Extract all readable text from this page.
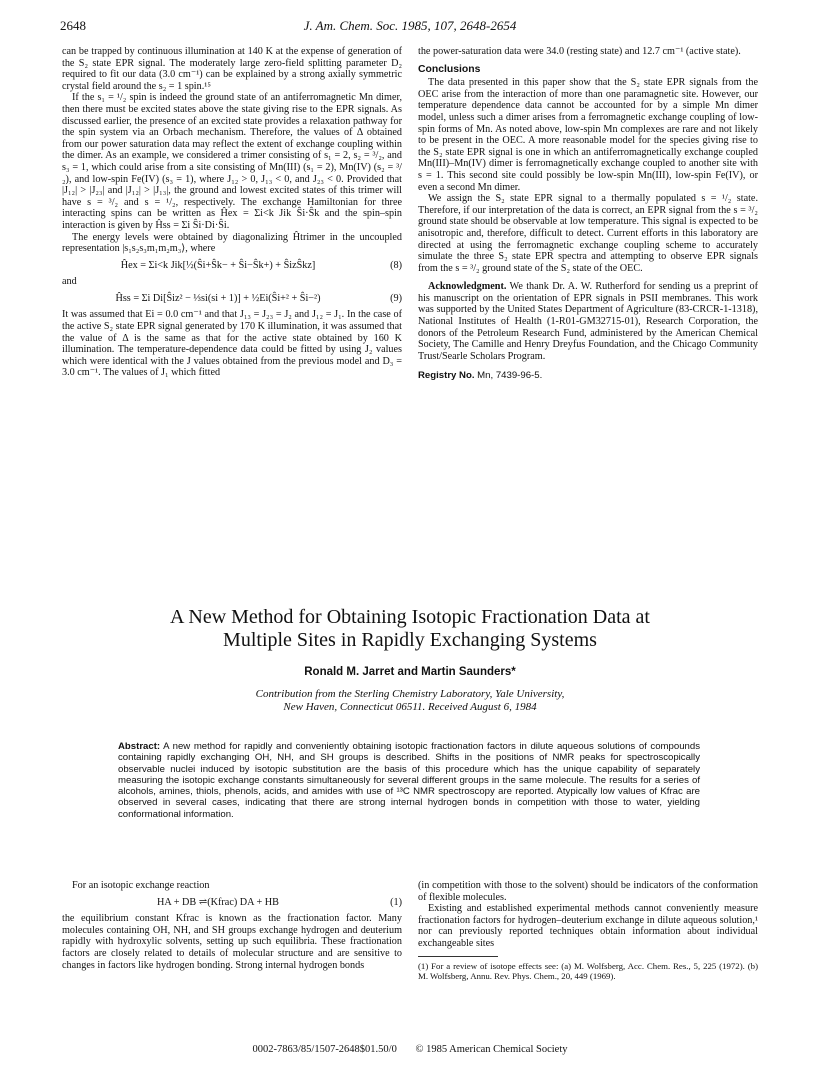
2648	J. Am. Chem. Soc. 1985, 107, 2648-2654

can be trapped by continuous illumination at 140 K at the expense of generation of the S₂ state EPR signal. The moderately large zero-field splitting parameter D₂ required to fit our data (3.0 cm⁻¹) can be explained by a strong axially symmetric crystal field around the s₂ = 1 spin.¹⁵

If the s₁ = ¹/₂ spin is indeed the ground state of an antiferromagnetic Mn dimer, then there must be excited states above the state giving rise to the EPR signals. As discussed earlier, the presence of an excited state provides a relaxation pathway for the spin system via an Orbach mechanism. Therefore, the values of Δ obtained from our power saturation data may reflect the extent of exchange coupling within the dimer. As an example, we considered a trimer consisting of s₁ = 2, s₂ = ³/₂, and s₃ = 1, which could arise from a site consisting of Mn(III) (s₁ = 2), Mn(IV) (s₂ = ³/₂), and low-spin Fe(IV) (s₃ = 1), where J₁₂ > 0, J₁₃ < 0, and J₂₃ < 0. Provided that |J₁₂| > |J₂₃| and |J₁₂| > |J₁₃|, the ground and lowest excited states of this trimer will have s = ³/₂ and s = ¹/₂, respectively. The exchange Hamiltonian for three interacting spins can be written as Ĥex = Σi<k Jik Ŝi·Ŝk and the spin–spin interaction is given by Ĥss = Σi Ŝi·Di·Ŝi.

The energy levels were obtained by diagonalizing Ĥtrimer in the uncoupled representation |s₁s₂s₃m₁m₂m₃⟩, where

Ĥex = Σi<k Jik[½(Ŝi+Ŝk− + Ŝi−Ŝk+) + ŜizŜkz]	(8)

and

Ĥss = Σi Di[Ŝiz² − ⅓si(si + 1)] + ½Ei(Ŝi+² + Ŝi−²)	(9)

It was assumed that Ei = 0.0 cm⁻¹ and that J₁₃ = J₂₃ = J₂ and J₁₂ = J₁. In the case of the active S₂ state EPR signal generated by 170 K illumination, it was assumed that the value of Δ is the same as that for the active state obtained by 160 K illumination. The temperature-dependence data could be fitted by using J₂ values which were identical with the J values obtained from the previous model and D₃ = 3.0 cm⁻¹. The values of J₁ which fitted

the power-saturation data were 34.0 (resting state) and 12.7 cm⁻¹ (active state).

Conclusions

The data presented in this paper show that the S₂ state EPR signals from the OEC arise from the interaction of more than one paramagnetic site. However, our temperature dependence data cannot be accounted for by a simple Mn dimer model, unless such a dimer arises from a ferromagnetic exchange coupling of low-spin forms of Mn. As noted above, low-spin Mn complexes are rare and not likely to be present in the OEC. A more reasonable model for the species giving rise to the S₂ state EPR signal is one in which an antiferromagnetically exchange coupled Mn(III)–Mn(IV) dimer is ferromagnetically exchange coupled to another site with s = 1. This second site could possibly be low-spin Mn(III), low-spin Fe(IV), or even a second Mn dimer.

We assign the S₂ state EPR signal to a thermally populated s = ¹/₂ state. Therefore, if our interpretation of the data is correct, an EPR signal from the s = ³/₂ ground state should be observable at low temperature. This signal is expected to be anisotropic and, therefore, difficult to detect. Current efforts in this laboratory are directed at using the ferromagnetic exchange coupling scheme to accurately simulate the three S₂ state EPR spectra and attempting to observe EPR signals from the s = ³/₂ ground state of the S₂ state of the OEC.

Acknowledgment. We thank Dr. A. W. Rutherford for sending us a preprint of his manuscript on the orientation of EPR signals in PSII membranes. This work was supported by the United States Department of Agriculture (83-CRCR-1-1318), National Institutes of Health (1-R01-GM32715-01), Research Corporation, the donors of the Petroleum Research Fund, administered by the American Chemical Society, The Camille and Henry Dreyfus Foundation, and the Chicago Community Trust/Searle Scholars Program.

Registry No. Mn, 7439-96-5.
A New Method for Obtaining Isotopic Fractionation Data at
Multiple Sites in Rapidly Exchanging Systems
Ronald M. Jarret and Martin Saunders*
Contribution from the Sterling Chemistry Laboratory, Yale University,
New Haven, Connecticut 06511. Received August 6, 1984
Abstract: A new method for rapidly and conveniently obtaining isotopic fractionation factors in dilute aqueous solutions of compounds containing rapidly exchanging OH, NH, and SH groups is described. Shifts in the positions of NMR peaks for spectroscopically observable nuclei induced by isotopic substitution are the basis of this procedure which has the unique capability of separately measuring the isotopic exchange constants simultaneously for several different groups in the same molecule. The results for a series of alcohols, amines, thiols, phenols, acids, and amides with use of ¹³C NMR spectroscopy are reported. Atypically low values of Kfrac are observed in several cases, indicating that there are strong internal hydrogen bonds in competition with those to water, yielding conformational information.

For an isotopic exchange reaction

HA + DB ⇌(Kfrac) DA + HB	(1)

the equilibrium constant Kfrac is known as the fractionation factor. Many molecules containing OH, NH, and SH groups exchange hydrogen and deuterium rapidly with hydroxylic solvents, setting up such equilibria. These fractionation factors are closely related to details of molecular structure and are sensitive to changes in factors like hydrogen bonding. Strong internal hydrogen bonds

(in competition with those to the solvent) should be indicators of the conformation of flexible molecules.

Existing and established experimental methods cannot conveniently measure fractionation factors for hydrogen–deuterium exchange in dilute aqueous solution,¹ nor can previously reported techniques obtain information about individual exchangeable sites

(1) For a review of isotope effects see: (a) M. Wolfsberg, Acc. Chem. Res., 5, 225 (1972). (b) M. Wolfsberg, Annu. Rev. Phys. Chem., 20, 449 (1969).

0002-7863/85/1507-2648$01.50/0 © 1985 American Chemical Society
